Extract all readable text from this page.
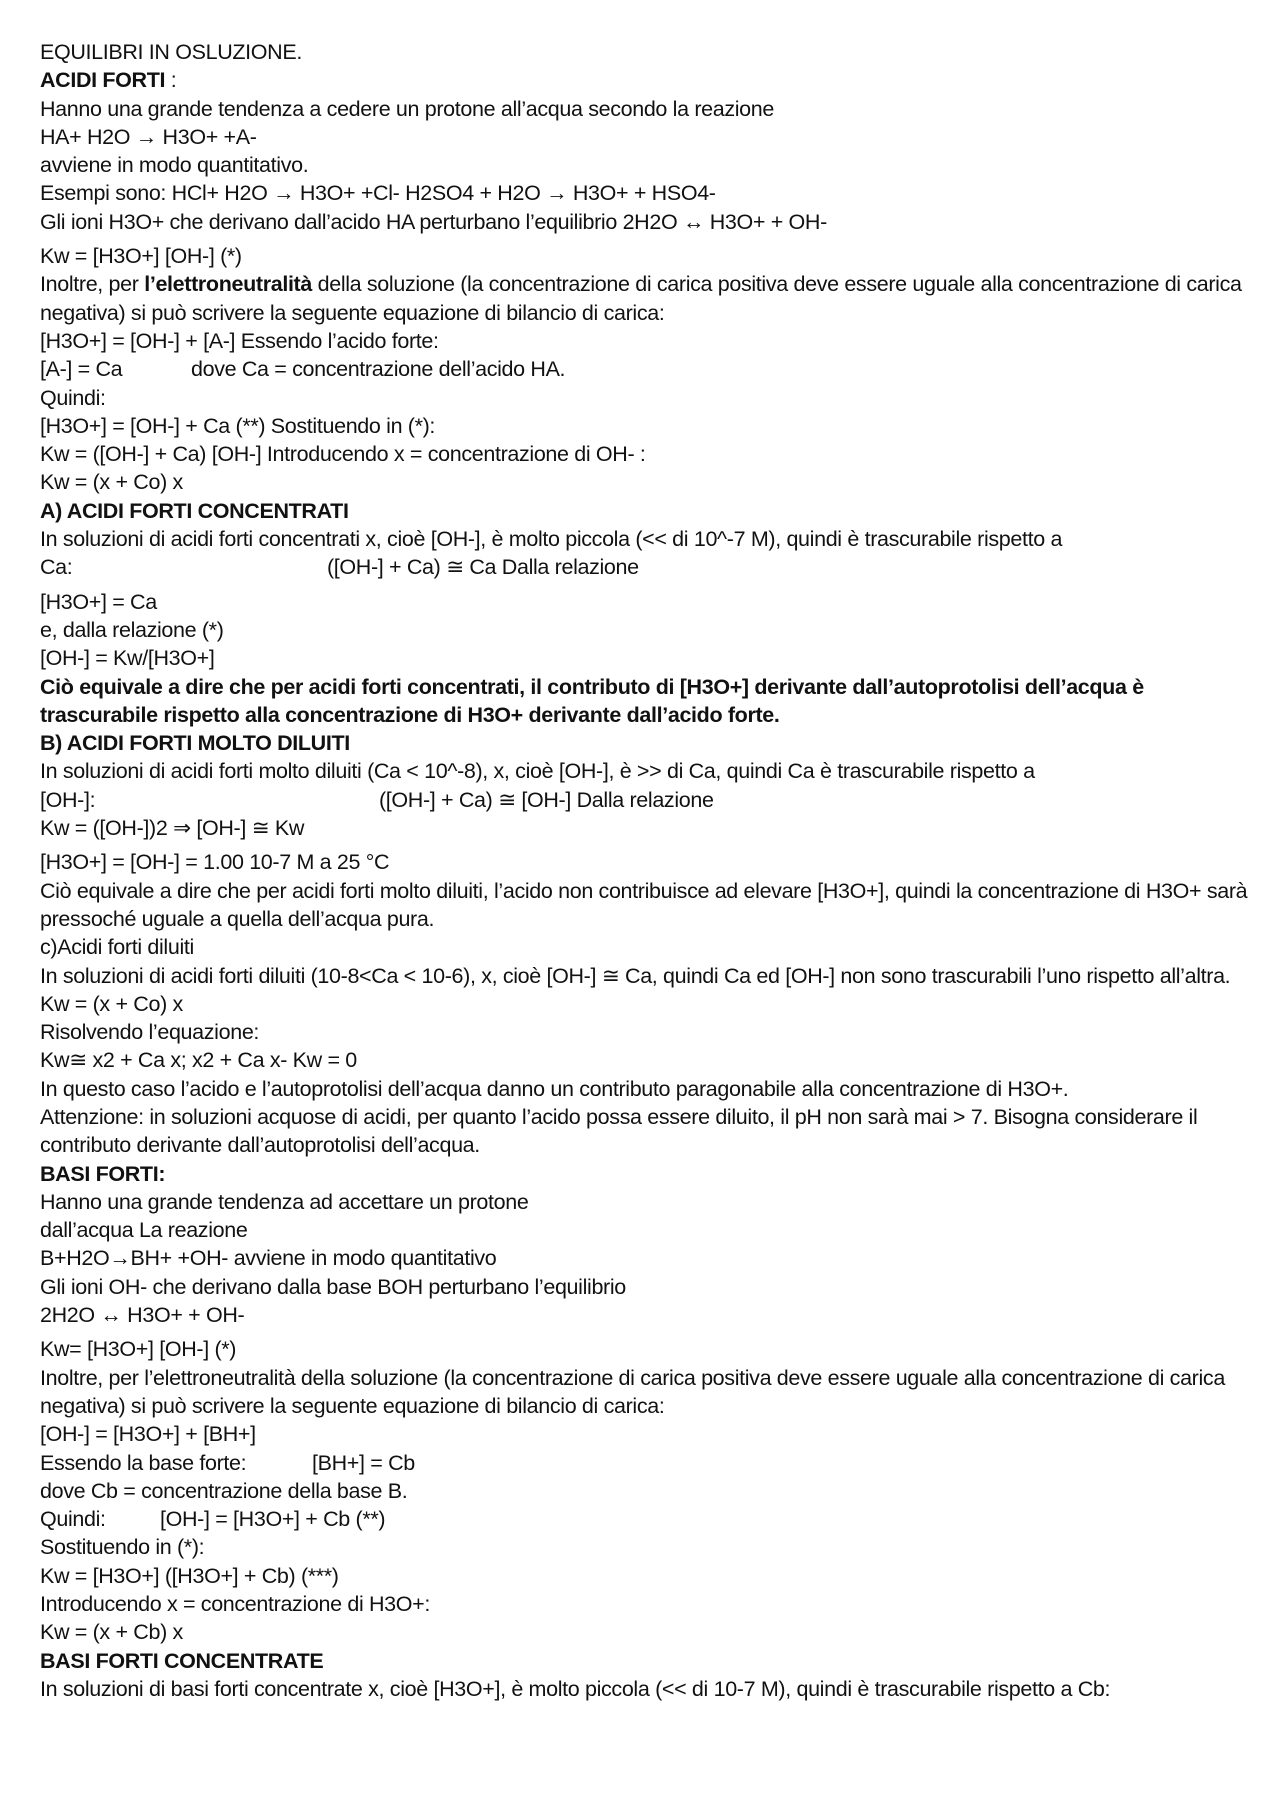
EQUILIBRI IN OSLUZIONE.
ACIDI FORTI :
Hanno una grande tendenza a cedere un protone all’acqua secondo la reazione
HA+ H2O → H3O+ +A-
avviene in modo quantitativo.
Esempi sono: HCl+ H2O → H3O+ +Cl- H2SO4 + H2O → H3O+ + HSO4-
Gli ioni H3O+ che derivano dall’acido HA perturbano l’equilibrio 2H2O ↔ H3O+ + OH-
Kw = [H3O+] [OH-] (*)
Inoltre, per l’elettroneutralità della soluzione (la concentrazione di carica positiva deve essere uguale alla concentrazione di carica negativa) si può scrivere la seguente equazione di bilancio di carica:
[H3O+] = [OH-] + [A-] Essendo l’acido forte:
[A-] = Ca	dove Ca = concentrazione dell’acido HA.
Quindi:
[H3O+] = [OH-] + Ca (**) Sostituendo in (*):
Kw = ([OH-] + Ca) [OH-] Introducendo x = concentrazione di OH- :
Kw = (x + Co) x
A) ACIDI FORTI CONCENTRATI
In soluzioni di acidi forti concentrati x, cioè [OH-], è molto piccola (<< di 10^-7 M), quindi è trascurabile rispetto a
Ca:	([OH-] + Ca) ≅ Ca Dalla relazione
[H3O+] = Ca
e, dalla relazione (*)
[OH-] = Kw/[H3O+]
Ciò equivale a dire che per acidi forti concentrati, il contributo di [H3O+] derivante dall’autoprotolisi dell’acqua è trascurabile rispetto alla concentrazione di H3O+ derivante dall’acido forte.
B) ACIDI FORTI MOLTO DILUITI
In soluzioni di acidi forti molto diluiti (Ca < 10^-8), x, cioè [OH-], è >> di Ca, quindi Ca è trascurabile rispetto a
[OH-]:	([OH-] + Ca) ≅ [OH-] Dalla relazione
Kw = ([OH-])2 ⇒ [OH-] ≅ Kw
[H3O+] = [OH-] = 1.00 10-7 M a 25 °C
Ciò equivale a dire che per acidi forti molto diluiti, l’acido non contribuisce ad elevare [H3O+], quindi la concentrazione di H3O+ sarà pressoché uguale a quella dell’acqua pura.
c)Acidi forti diluiti
In soluzioni di acidi forti diluiti (10-8<Ca < 10-6), x, cioè [OH-] ≅ Ca, quindi Ca ed [OH-] non sono trascurabili l’uno rispetto all’altra.
Kw = (x + Co) x
Risolvendo l’equazione:
Kw≅ x2 + Ca x; x2 + Ca x- Kw = 0
In questo caso l’acido e l’autoprotolisi dell’acqua danno un contributo paragonabile alla concentrazione di H3O+.
Attenzione: in soluzioni acquose di acidi, per quanto l’acido possa essere diluito, il pH non sarà mai > 7. Bisogna considerare il contributo derivante dall’autoprotolisi dell’acqua.
BASI FORTI:
Hanno una grande tendenza ad accettare un protone
dall’acqua La reazione
B+H2O→BH+ +OH- avviene in modo quantitativo
Gli ioni OH- che derivano dalla base BOH perturbano l’equilibrio
2H2O ↔ H3O+ + OH-
Kw= [H3O+] [OH-] (*)
Inoltre, per l’elettroneutralità della soluzione (la concentrazione di carica positiva deve essere uguale alla concentrazione di carica negativa) si può scrivere la seguente equazione di bilancio di carica:
[OH-] = [H3O+] + [BH+]
Essendo la base forte:	[BH+] = Cb
dove Cb = concentrazione della base B.
Quindi:	[OH-] = [H3O+] + Cb (**)
Sostituendo in (*):
Kw = [H3O+] ([H3O+] + Cb) (***)
Introducendo x = concentrazione di H3O+:
Kw = (x + Cb) x
BASI FORTI CONCENTRATE
In soluzioni di basi forti concentrate x, cioè [H3O+], è molto piccola (<< di 10-7 M), quindi è trascurabile rispetto a Cb:
